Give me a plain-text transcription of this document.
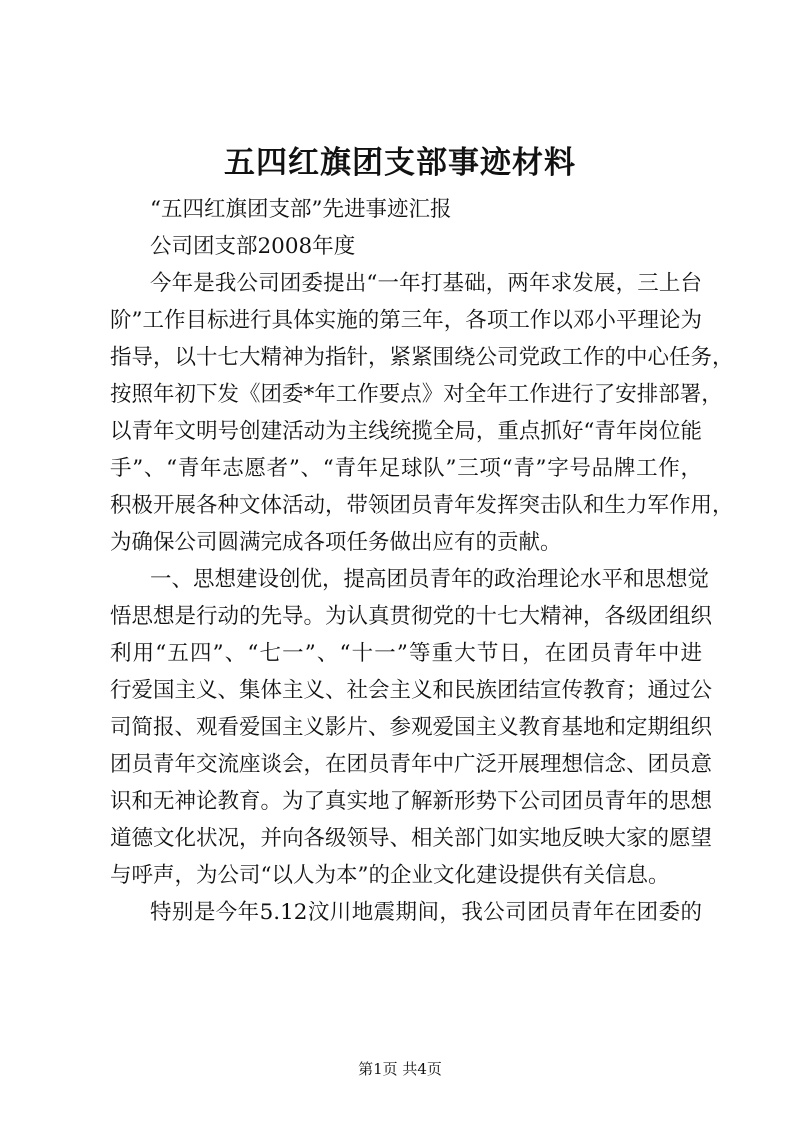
五四红旗团支部事迹材料
“五四红旗团支部”先进事迹汇报
公司团支部2008年度
今年是我公司团委提出“一年打基础，两年求发展，三上台
阶”工作目标进行具体实施的第三年，各项工作以邓小平理论为
指导，以十七大精神为指针，紧紧围绕公司党政工作的中心任务，
按照年初下发《团委*年工作要点》对全年工作进行了安排部署，
以青年文明号创建活动为主线统揽全局，重点抓好“青年岗位能
手”、“青年志愿者”、“青年足球队”三项“青”字号品牌工作，
积极开展各种文体活动，带领团员青年发挥突击队和生力军作用，
为确保公司圆满完成各项任务做出应有的贡献。
一、思想建设创优，提高团员青年的政治理论水平和思想觉
悟思想是行动的先导。为认真贯彻党的十七大精神，各级团组织
利用“五四”、“七一”、“十一”等重大节日，在团员青年中进
行爱国主义、集体主义、社会主义和民族团结宣传教育；通过公
司简报、观看爱国主义影片、参观爱国主义教育基地和定期组织
团员青年交流座谈会，在团员青年中广泛开展理想信念、团员意
识和无神论教育。为了真实地了解新形势下公司团员青年的思想
道德文化状况，并向各级领导、相关部门如实地反映大家的愿望
与呼声，为公司“以人为本”的企业文化建设提供有关信息。
特别是今年5.12汶川地震期间，我公司团员青年在团委的
第1页 共4页
